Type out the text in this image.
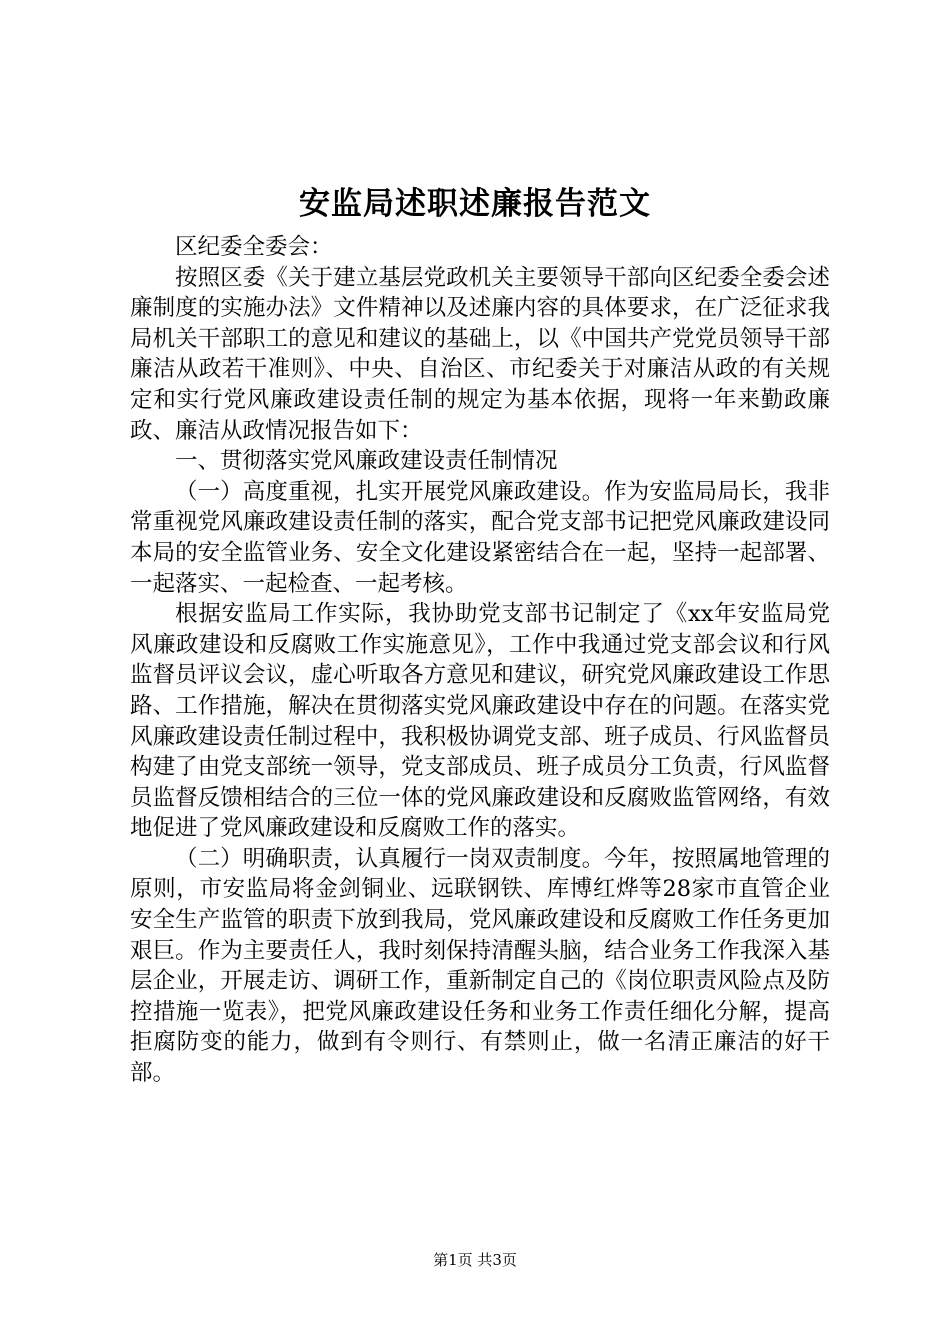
安监局述职述廉报告范文

区纪委全委会：

按照区委《关于建立基层党政机关主要领导干部向区纪委全委会述廉制度的实施办法》文件精神以及述廉内容的具体要求，在广泛征求我局机关干部职工的意见和建议的基础上，以《中国共产党党员领导干部廉洁从政若干准则》、中央、自治区、市纪委关于对廉洁从政的有关规定和实行党风廉政建设责任制的规定为基本依据，现将一年来勤政廉政、廉洁从政情况报告如下：

一、贯彻落实党风廉政建设责任制情况

（一）高度重视，扎实开展党风廉政建设。作为安监局局长，我非常重视党风廉政建设责任制的落实，配合党支部书记把党风廉政建设同本局的安全监管业务、安全文化建设紧密结合在一起，坚持一起部署、一起落实、一起检查、一起考核。

根据安监局工作实际，我协助党支部书记制定了《xx年安监局党风廉政建设和反腐败工作实施意见》，工作中我通过党支部会议和行风监督员评议会议，虚心听取各方意见和建议，研究党风廉政建设工作思路、工作措施，解决在贯彻落实党风廉政建设中存在的问题。在落实党风廉政建设责任制过程中，我积极协调党支部、班子成员、行风监督员构建了由党支部统一领导，党支部成员、班子成员分工负责，行风监督员监督反馈相结合的三位一体的党风廉政建设和反腐败监管网络，有效地促进了党风廉政建设和反腐败工作的落实。

（二）明确职责，认真履行一岗双责制度。今年，按照属地管理的原则，市安监局将金剑铜业、远联钢铁、库博红烨等28家市直管企业安全生产监管的职责下放到我局，党风廉政建设和反腐败工作任务更加艰巨。作为主要责任人，我时刻保持清醒头脑，结合业务工作我深入基层企业，开展走访、调研工作，重新制定自己的《岗位职责风险点及防控措施一览表》，把党风廉政建设任务和业务工作责任细化分解，提高拒腐防变的能力，做到有令则行、有禁则止，做一名清正廉洁的好干部。

第1页 共3页
